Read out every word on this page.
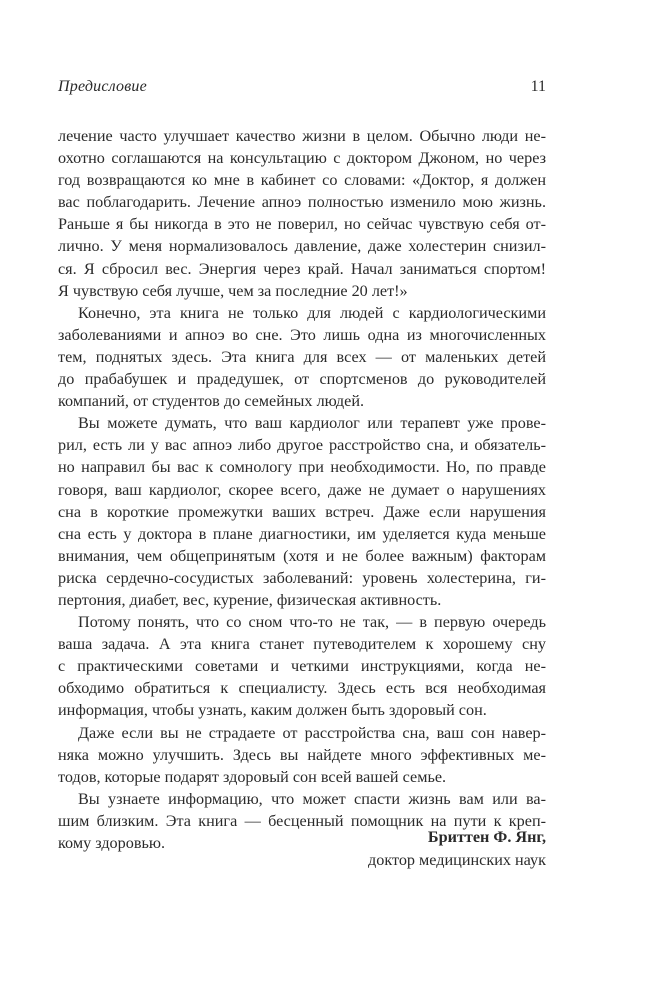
Предисловие	11
лечение часто улучшает качество жизни в целом. Обычно люди не-
охотно соглашаются на консультацию с доктором Джоном, но через
год возвращаются ко мне в кабинет со словами: «Доктор, я должен
вас поблагодарить. Лечение апноэ полностью изменило мою жизнь.
Раньше я бы никогда в это не поверил, но сейчас чувствую себя от-
лично. У меня нормализовалось давление, даже холестерин снизил-
ся. Я сбросил вес. Энергия через край. Начал заниматься спортом!
Я чувствую себя лучше, чем за последние 20 лет!»
Конечно, эта книга не только для людей с кардиологическими
заболеваниями и апноэ во сне. Это лишь одна из многочисленных
тем, поднятых здесь. Эта книга для всех — от маленьких детей
до прабабушек и прадедушек, от спортсменов до руководителей
компаний, от студентов до семейных людей.
Вы можете думать, что ваш кардиолог или терапевт уже прове-
рил, есть ли у вас апноэ либо другое расстройство сна, и обязатель-
но направил бы вас к сомнологу при необходимости. Но, по правде
говоря, ваш кардиолог, скорее всего, даже не думает о нарушениях
сна в короткие промежутки ваших встреч. Даже если нарушения
сна есть у доктора в плане диагностики, им уделяется куда меньше
внимания, чем общепринятым (хотя и не более важным) факторам
риска сердечно-сосудистых заболеваний: уровень холестерина, ги-
пертония, диабет, вес, курение, физическая активность.
Потому понять, что со сном что-то не так, — в первую очередь
ваша задача. А эта книга станет путеводителем к хорошему сну
с практическими советами и четкими инструкциями, когда не-
обходимо обратиться к специалисту. Здесь есть вся необходимая
информация, чтобы узнать, каким должен быть здоровый сон.
Даже если вы не страдаете от расстройства сна, ваш сон навер-
няка можно улучшить. Здесь вы найдете много эффективных ме-
тодов, которые подарят здоровый сон всей вашей семье.
Вы узнаете информацию, что может спасти жизнь вам или ва-
шим близким. Эта книга — бесценный помощник на пути к креп-
кому здоровью.	Бриттен Ф. Янг,
доктор медицинских наук
